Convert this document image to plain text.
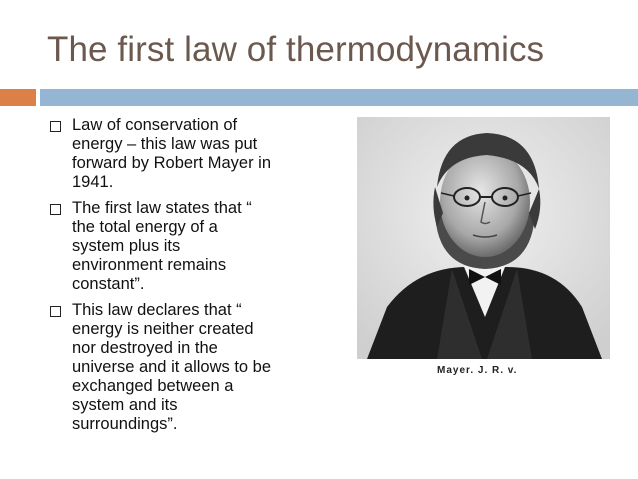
The first law of thermodynamics
Law of conservation of
energy – this law was put
forward by Robert Mayer in
1941.
The first law states that “
the total energy of a
system plus its
environment remains
constant”.
This law declares that “
energy is neither created
nor destroyed in the
universe and it allows to be
exchanged between a
system and its
surroundings”.
Mayer. J. R. v.
